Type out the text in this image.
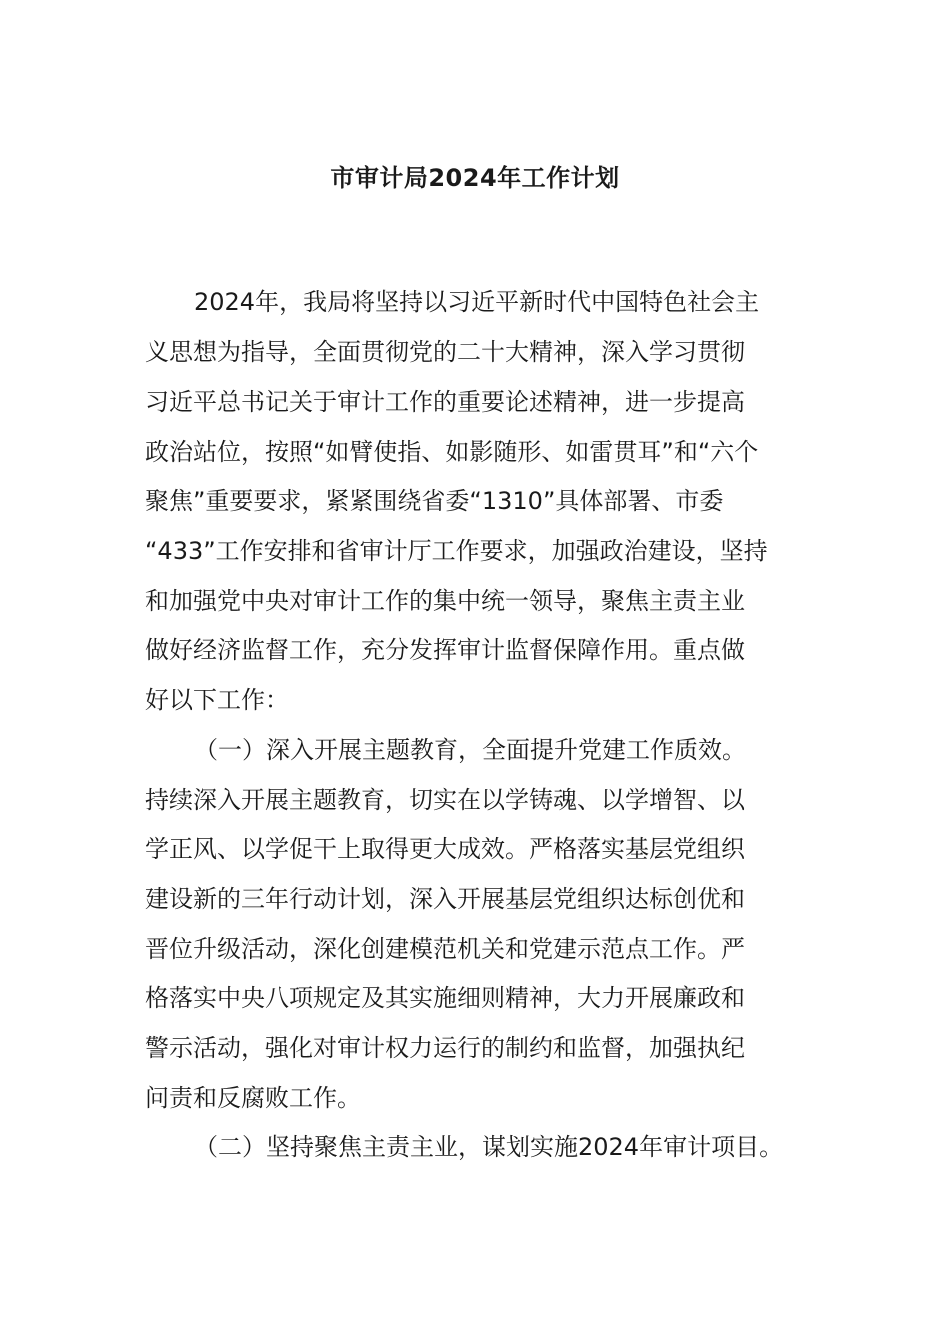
市审计局2024年工作计划

2024年，我局将坚持以习近平新时代中国特色社会主

义思想为指导，全面贯彻党的二十大精神，深入学习贯彻

习近平总书记关于审计工作的重要论述精神，进一步提高

政治站位，按照“如臂使指、如影随形、如雷贯耳”和“六个

聚焦”重要要求，紧紧围绕省委“1310”具体部署、市委

“433”工作安排和省审计厅工作要求，加强政治建设，坚持

和加强党中央对审计工作的集中统一领导，聚焦主责主业

做好经济监督工作，充分发挥审计监督保障作用。重点做

好以下工作：

（一）深入开展主题教育，全面提升党建工作质效。

持续深入开展主题教育，切实在以学铸魂、以学增智、以

学正风、以学促干上取得更大成效。严格落实基层党组织

建设新的三年行动计划，深入开展基层党组织达标创优和

晋位升级活动，深化创建模范机关和党建示范点工作。严

格落实中央八项规定及其实施细则精神，大力开展廉政和

警示活动，强化对审计权力运行的制约和监督，加强执纪

问责和反腐败工作。

（二）坚持聚焦主责主业，谋划实施2024年审计项目。
